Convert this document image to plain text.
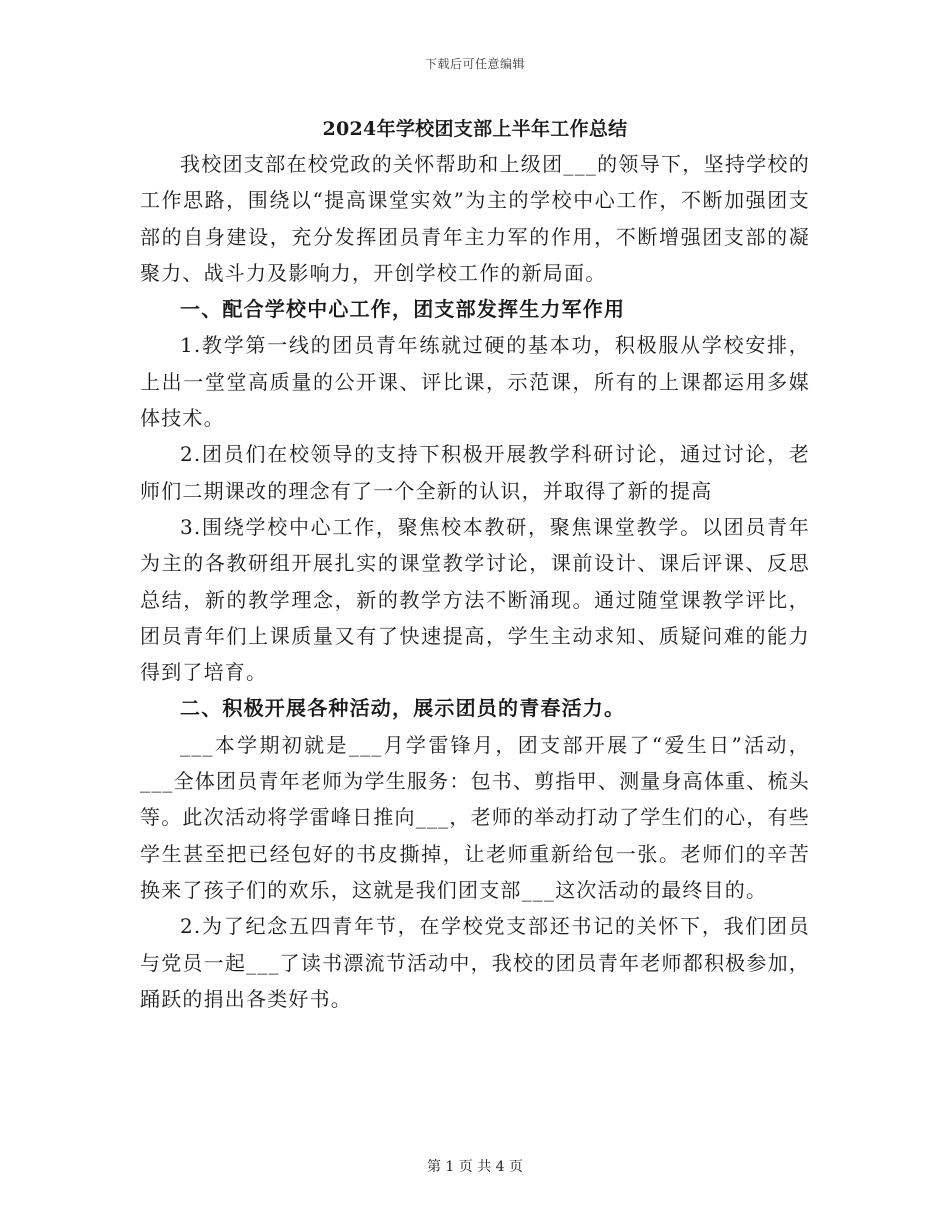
下载后可任意编辑
2024年学校团支部上半年工作总结

我校团支部在校党政的关怀帮助和上级团___的领导下，坚持学校的工作思路，围绕以“提高课堂实效”为主的学校中心工作，不断加强团支部的自身建设，充分发挥团员青年主力军的作用，不断增强团支部的凝聚力、战斗力及影响力，开创学校工作的新局面。

一、配合学校中心工作，团支部发挥生力军作用

1.教学第一线的团员青年练就过硬的基本功，积极服从学校安排，上出一堂堂高质量的公开课、评比课，示范课，所有的上课都运用多媒体技术。

2.团员们在校领导的支持下积极开展教学科研讨论，通过讨论，老师们二期课改的理念有了一个全新的认识，并取得了新的提高

3.围绕学校中心工作，聚焦校本教研，聚焦课堂教学。以团员青年为主的各教研组开展扎实的课堂教学讨论，课前设计、课后评课、反思总结，新的教学理念，新的教学方法不断涌现。通过随堂课教学评比，团员青年们上课质量又有了快速提高，学生主动求知、质疑问难的能力得到了培育。

二、积极开展各种活动，展示团员的青春活力。

___本学期初就是___月学雷锋月，团支部开展了“爱生日”活动，___全体团员青年老师为学生服务：包书、剪指甲、测量身高体重、梳头等。此次活动将学雷峰日推向___，老师的举动打动了学生们的心，有些学生甚至把已经包好的书皮撕掉，让老师重新给包一张。老师们的辛苦换来了孩子们的欢乐，这就是我们团支部___这次活动的最终目的。

2.为了纪念五四青年节，在学校党支部还书记的关怀下，我们团员与党员一起___了读书漂流节活动中，我校的团员青年老师都积极参加，踊跃的捐出各类好书。

第 1 页 共 4 页
